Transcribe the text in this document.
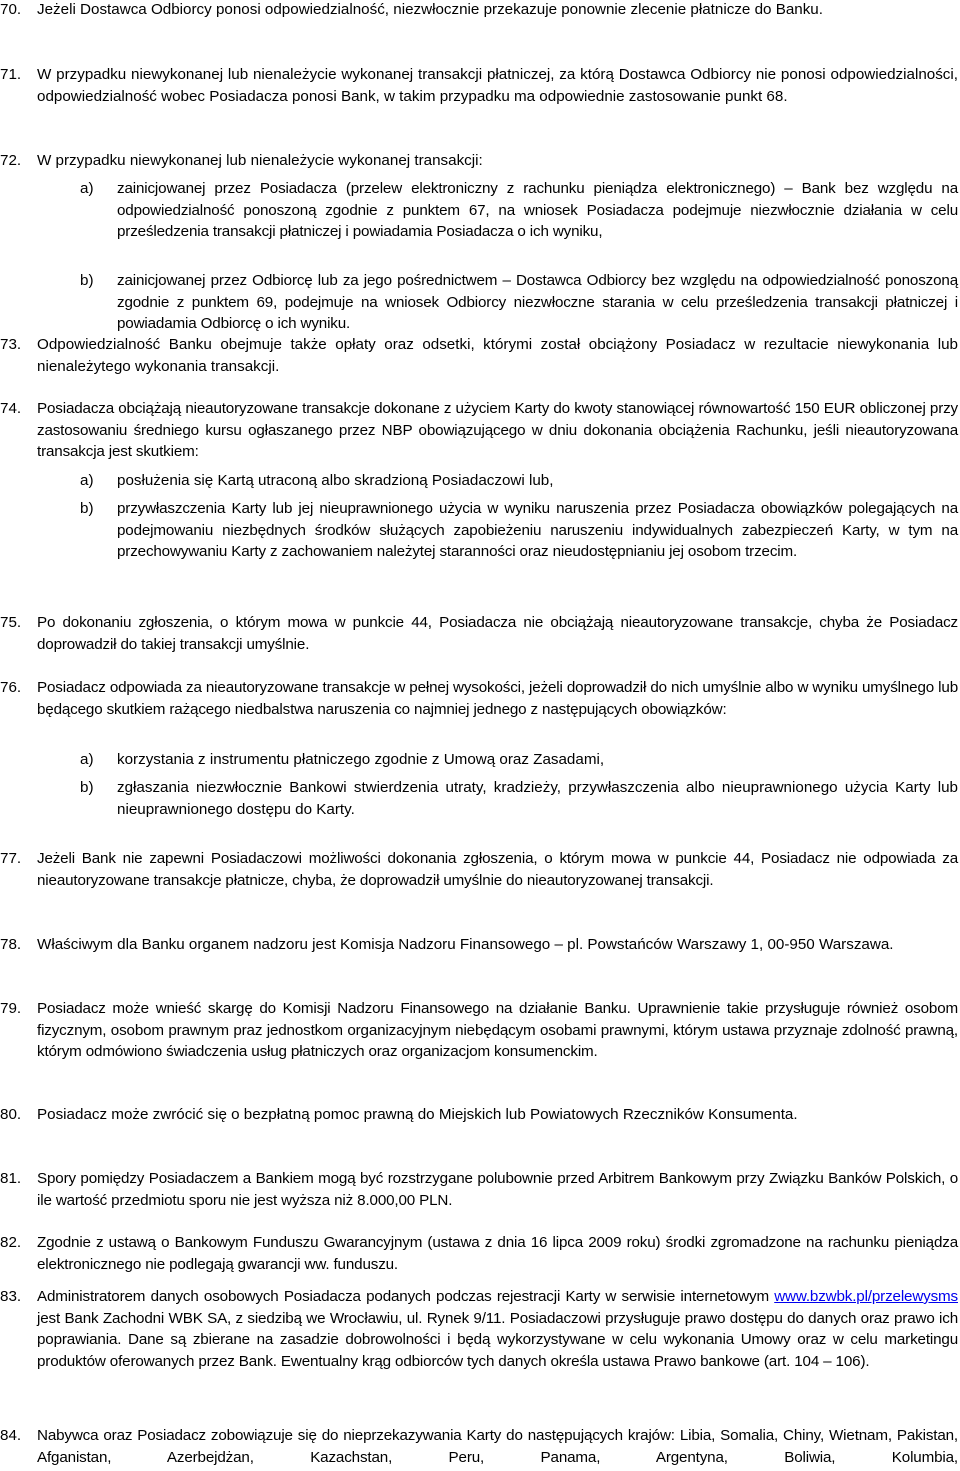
70. Jeżeli Dostawca Odbiorcy ponosi odpowiedzialność, niezwłocznie przekazuje ponownie zlecenie płatnicze do Banku.
71. W przypadku niewykonanej lub nienależycie wykonanej transakcji płatniczej, za którą Dostawca Odbiorcy nie ponosi odpowiedzialności, odpowiedzialność wobec Posiadacza ponosi Bank, w takim przypadku ma odpowiednie zastosowanie punkt 68.
72. W przypadku niewykonanej lub nienależycie wykonanej transakcji:
a) zainicjowanej przez Posiadacza (przelew elektroniczny z rachunku pieniądza elektronicznego) – Bank bez względu na odpowiedzialność ponoszoną zgodnie z punktem 67, na wniosek Posiadacza podejmuje niezwłocznie działania w celu prześledzenia transakcji płatniczej i powiadamia Posiadacza o ich wyniku,
b) zainicjowanej przez Odbiorcę lub za jego pośrednictwem – Dostawca Odbiorcy bez względu na odpowiedzialność ponoszoną zgodnie z punktem 69, podejmuje na wniosek Odbiorcy niezwłoczne starania w celu prześledzenia transakcji płatniczej i powiadamia Odbiorcę o ich wyniku.
73. Odpowiedzialność Banku obejmuje także opłaty oraz odsetki, którymi został obciążony Posiadacz w rezultacie niewykonania lub nienależytego wykonania transakcji.
74. Posiadacza obciążają nieautoryzowane transakcje dokonane z użyciem Karty do kwoty stanowiącej równowartość 150 EUR obliczonej przy zastosowaniu średniego kursu ogłaszanego przez NBP obowiązującego w dniu dokonania obciążenia Rachunku, jeśli nieautoryzowana transakcja jest skutkiem:
a) posłużenia się Kartą utraconą albo skradzioną Posiadaczowi lub,
b) przywłaszczenia Karty lub jej nieuprawnionego użycia w wyniku naruszenia przez Posiadacza obowiązków polegających na podejmowaniu niezbędnych środków służących zapobieżeniu naruszeniu indywidualnych zabezpieczeń Karty, w tym na przechowywaniu Karty z zachowaniem należytej staranności oraz nieudostępnianiu jej osobom trzecim.
75. Po dokonaniu zgłoszenia, o którym mowa w punkcie 44, Posiadacza nie obciążają nieautoryzowane transakcje, chyba że Posiadacz doprowadził do takiej transakcji umyślnie.
76. Posiadacz odpowiada za nieautoryzowane transakcje w pełnej wysokości, jeżeli doprowadził do nich umyślnie albo w wyniku umyślnego lub będącego skutkiem rażącego niedbalstwa naruszenia co najmniej jednego z następujących obowiązków:
a) korzystania z instrumentu płatniczego zgodnie z Umową oraz Zasadami,
b) zgłaszania niezwłocznie Bankowi stwierdzenia utraty, kradzieży, przywłaszczenia albo nieuprawnionego użycia Karty lub nieuprawnionego dostępu do Karty.
77. Jeżeli Bank nie zapewni Posiadaczowi możliwości dokonania zgłoszenia, o którym mowa w punkcie 44, Posiadacz nie odpowiada za nieautoryzowane transakcje płatnicze, chyba, że doprowadził umyślnie do nieautoryzowanej transakcji.
78. Właściwym dla Banku organem nadzoru jest Komisja Nadzoru Finansowego – pl. Powstańców Warszawy 1, 00-950 Warszawa.
79. Posiadacz może wnieść skargę do Komisji Nadzoru Finansowego na działanie Banku. Uprawnienie takie przysługuje również osobom fizycznym, osobom prawnym praz jednostkom organizacyjnym niebędącym osobami prawnymi, którym ustawa przyznaje zdolność prawną, którym odmówiono świadczenia usług płatniczych oraz organizacjom konsumenckim.
80. Posiadacz może zwrócić się o bezpłatną pomoc prawną do Miejskich lub Powiatowych Rzeczników Konsumenta.
81. Spory pomiędzy Posiadaczem a Bankiem mogą być rozstrzygane polubownie przed Arbitrem Bankowym przy Związku Banków Polskich, o ile wartość przedmiotu sporu nie jest wyższa niż 8.000,00 PLN.
82. Zgodnie z ustawą o Bankowym Funduszu Gwarancyjnym (ustawa z dnia 16 lipca 2009 roku) środki zgromadzone na rachunku pieniądza elektronicznego nie podlegają gwarancji ww. funduszu.
83. Administratorem danych osobowych Posiadacza podanych podczas rejestracji Karty w serwisie internetowym www.bzwbk.pl/przelewysms jest Bank Zachodni WBK SA, z siedzibą we Wrocławiu, ul. Rynek 9/11. Posiadaczowi przysługuje prawo dostępu do danych oraz prawo ich poprawiania. Dane są zbierane na zasadzie dobrowolności i będą wykorzystywane w celu wykonania Umowy oraz w celu marketingu produktów oferowanych przez Bank. Ewentualny krąg odbiorców tych danych określa ustawa Prawo bankowe (art. 104 – 106).
84. Nabywca oraz Posiadacz zobowiązuje się do nieprzekazywania Karty do następujących krajów: Libia, Somalia, Chiny, Wietnam, Pakistan, Afganistan, Azerbejdżan, Kazachstan, Peru, Panama, Argentyna, Boliwia, Kolumbia,
